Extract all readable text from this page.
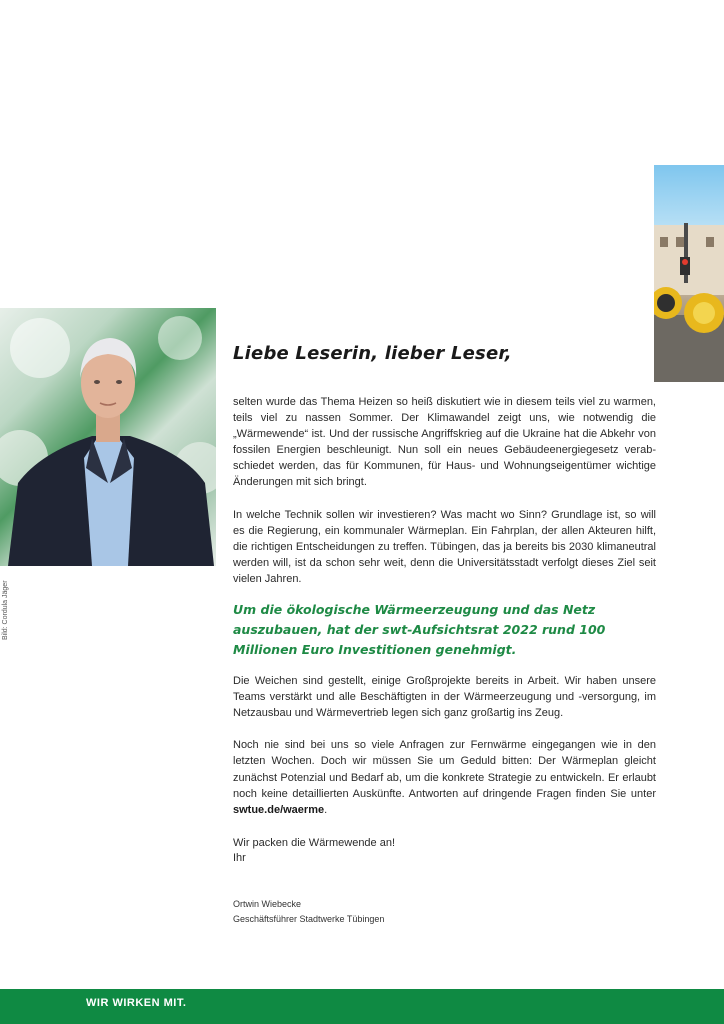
Bild: Cordula Jäger

Liebe Leserin, lieber Leser,

selten wurde das Thema Heizen so heiß diskutiert wie in diesem teils viel zu warmen, teils viel zu nassen Sommer. Der Klimawandel zeigt uns, wie notwendig die „Wärmewende“ ist. Und der russische Angriffskrieg auf die Ukraine hat die Abkehr von fossilen Energien beschleunigt. Nun soll ein neues Gebäudeenergiegesetz verabschiedet werden, das für Kommunen, für Haus- und Wohnungseigentümer wichtige Änderungen mit sich bringt.

In welche Technik sollen wir investieren? Was macht wo Sinn? Grundlage ist, so will es die Regierung, ein kommunaler Wärmeplan. Ein Fahrplan, der allen Akteuren hilft, die richtigen Entscheidungen zu treffen. Tübingen, das ja bereits bis 2030 klimaneutral werden will, ist da schon sehr weit, denn die Universitätsstadt verfolgt dieses Ziel seit vielen Jahren.

Um die ökologische Wärmeerzeugung und das Netz auszubauen, hat der swt-Aufsichtsrat 2022 rund 100 Millionen Euro Investitionen genehmigt.

Die Weichen sind gestellt, einige Großprojekte bereits in Arbeit. Wir haben unsere Teams verstärkt und alle Beschäftigten in der Wärmeerzeugung und -versorgung, im Netzausbau und Wärmevertrieb legen sich ganz großartig ins Zeug.

Noch nie sind bei uns so viele Anfragen zur Fernwärme eingegangen wie in den letzten Wochen. Doch wir müssen Sie um Geduld bitten: Der Wärmeplan gleicht zunächst Potenzial und Bedarf ab, um die konkrete Strategie zu entwickeln. Er erlaubt noch keine detaillierten Auskünfte. Antworten auf dringende Fragen finden Sie unter swtue.de/waerme.

Wir packen die Wärmewende an!

Ihr

Ortwin Wiebecke

Geschäftsführer Stadtwerke Tübingen

WIR WIRKEN MIT.
